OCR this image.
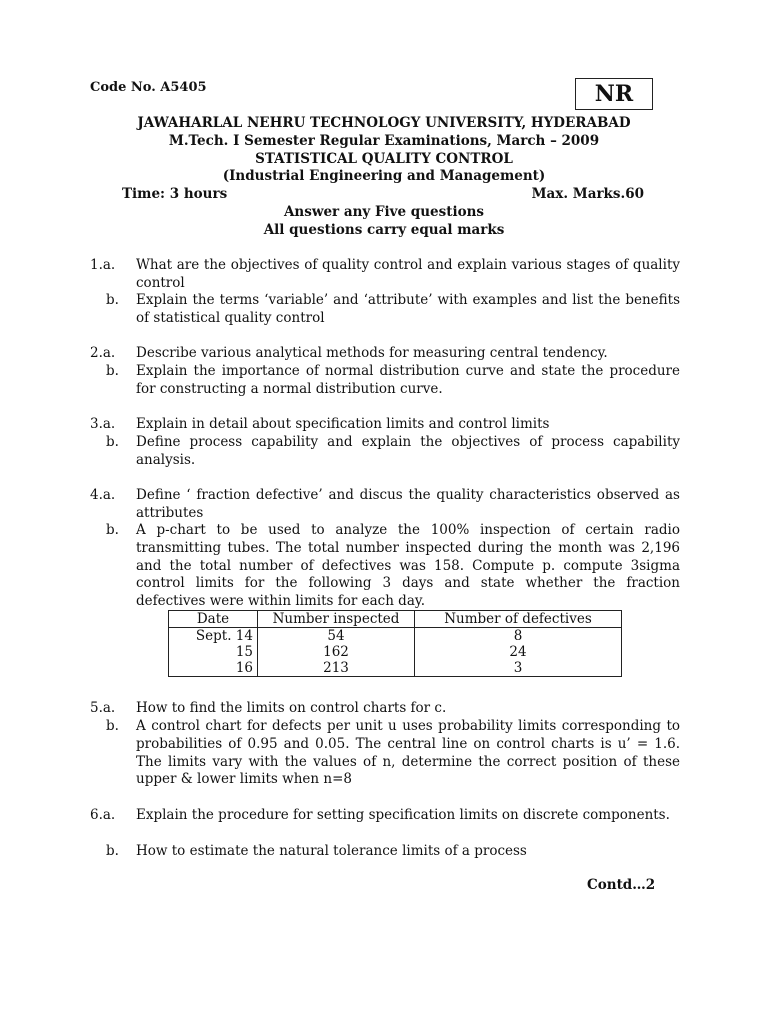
Code No. A5405	NR
JAWAHARLAL NEHRU TECHNOLOGY UNIVERSITY, HYDERABAD
M.Tech. I Semester Regular Examinations, March – 2009
STATISTICAL QUALITY CONTROL
(Industrial Engineering and Management)
Time: 3 hours	Max. Marks.60
Answer any Five questions
All questions carry equal marks
1.a. What are the objectives of quality control and explain various stages of quality control
b. Explain the terms ‘variable’ and ‘attribute’ with examples and list the benefits of statistical quality control
2.a. Describe various analytical methods for measuring central tendency.
b. Explain the importance of normal distribution curve and state the procedure for constructing a normal distribution curve.
3.a. Explain in detail about specification limits and control limits
b. Define process capability and explain the objectives of process capability analysis.
4.a. Define ‘ fraction defective’ and discus the quality characteristics observed as attributes
b. A p-chart to be used to analyze the 100% inspection of certain radio transmitting tubes. The total number inspected during the month was 2,196 and the total number of defectives was 158. Compute p. compute 3sigma control limits for the following 3 days and state whether the fraction defectives were within limits for each day.
Date	Number inspected	Number of defectives
Sept. 14	54	8
15	162	24
16	213	3
5.a. How to find the limits on control charts for c.
b. A control chart for defects per unit u uses probability limits corresponding to probabilities of 0.95 and 0.05. The central line on control charts is u’ = 1.6. The limits vary with the values of n, determine the correct position of these upper & lower limits when n=8
6.a. Explain the procedure for setting specification limits on discrete components.
b. How to estimate the natural tolerance limits of a process
Contd…2
